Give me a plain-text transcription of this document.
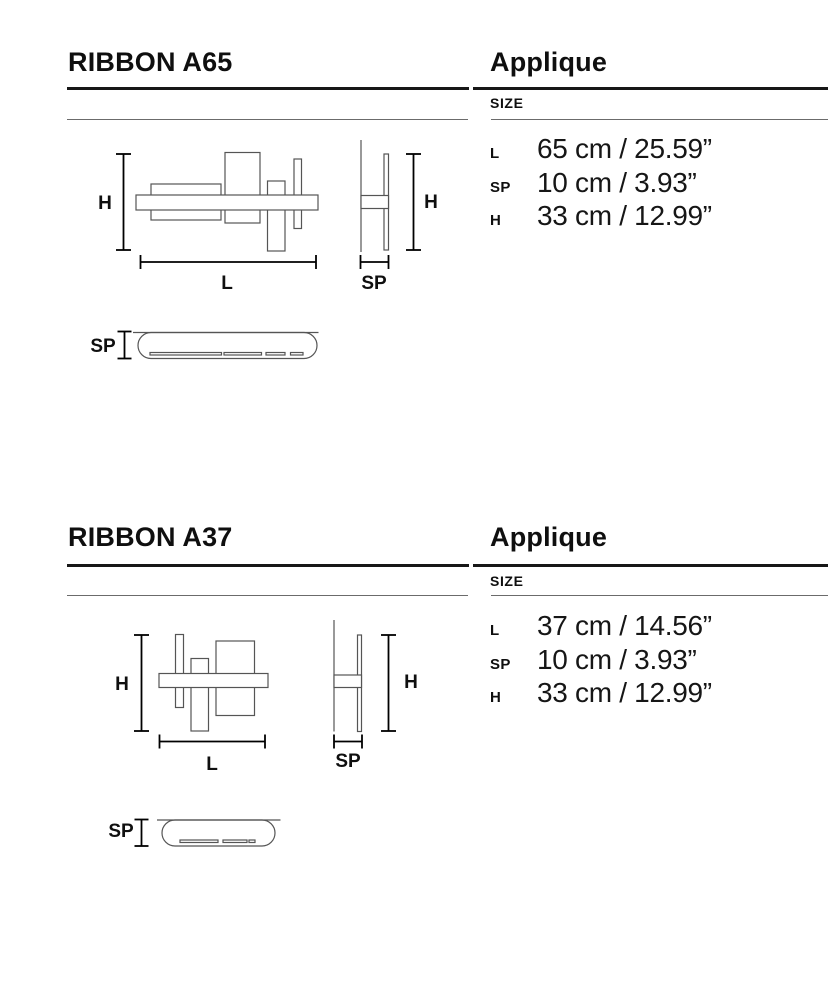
RIBBON A65	Applique
SIZE
L	65 cm / 25.59”
SP 10 cm / 3.93”
H	33 cm / 12.99”
H
L
H
SP
SP
RIBBON A37	Applique
SIZE
L	37 cm / 14.56”
SP 10 cm / 3.93”
H	33 cm / 12.99”
H
L
H
SP
SP
